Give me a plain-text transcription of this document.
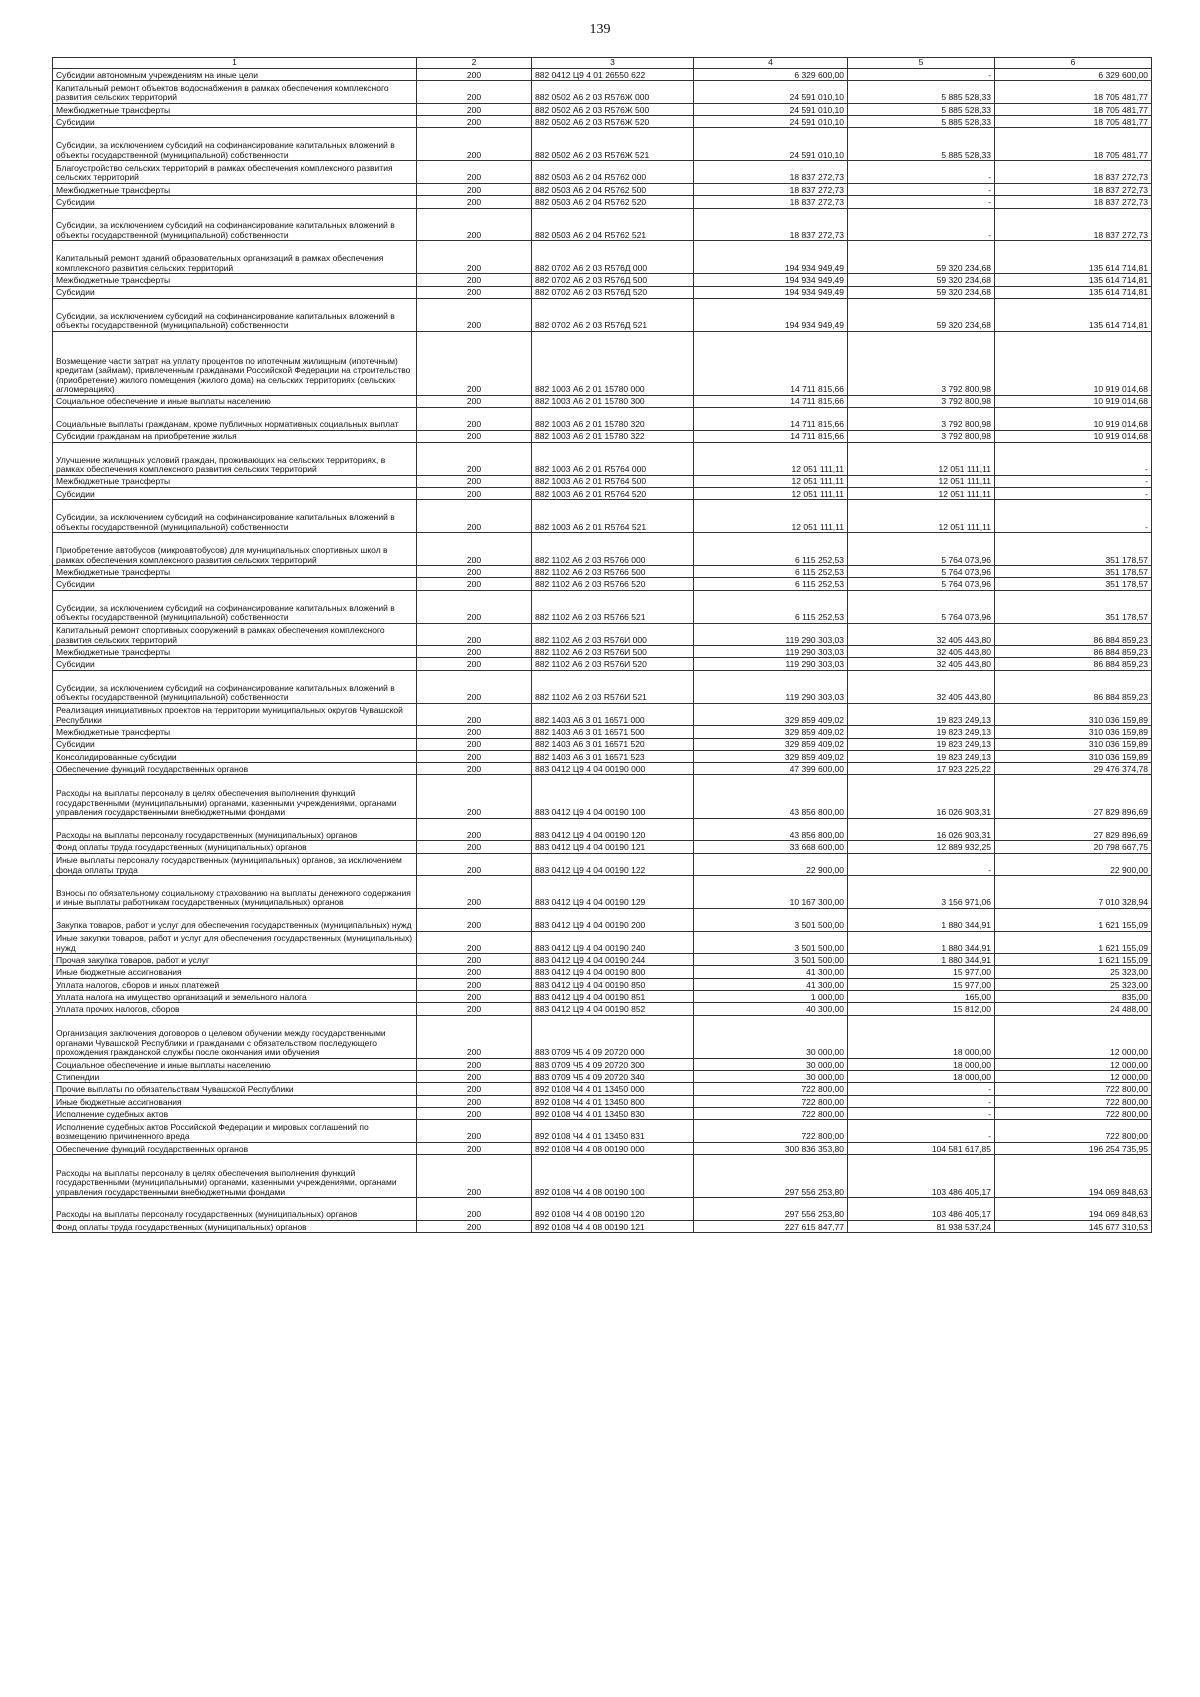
139
1	2	3	4	5	6
Субсидии автономным учреждениям на иные цели	200	882 0412 Ц9 4 01 26550 622	6 329 600,00	-	6 329 600,00
Капитальный ремонт объектов водоснабжения в рамках обеспечения комплексного развития сельских территорий	200	882 0502 А6 2 03 R576Ж 000	24 591 010,10	5 885 528,33	18 705 481,77
Межбюджетные трансферты	200	882 0502 А6 2 03 R576Ж 500	24 591 010,10	5 885 528,33	18 705 481,77
Субсидии	200	882 0502 А6 2 03 R576Ж 520	24 591 010,10	5 885 528,33	18 705 481,77
Субсидии, за исключением субсидий на софинансирование капитальных вложений в объекты государственной (муниципальной) собственности	200	882 0502 А6 2 03 R576Ж 521	24 591 010,10	5 885 528,33	18 705 481,77
Благоустройство сельских территорий в рамках обеспечения комплексного развития сельских территорий	200	882 0503 А6 2 04 R5762 000	18 837 272,73	-	18 837 272,73
Межбюджетные трансферты	200	882 0503 А6 2 04 R5762 500	18 837 272,73	-	18 837 272,73
Субсидии	200	882 0503 А6 2 04 R5762 520	18 837 272,73	-	18 837 272,73
Субсидии, за исключением субсидий на софинансирование капитальных вложений в объекты государственной (муниципальной) собственности	200	882 0503 А6 2 04 R5762 521	18 837 272,73	-	18 837 272,73
Капитальный ремонт зданий образовательных организаций в рамках обеспечения комплексного развития сельских территорий	200	882 0702 А6 2 03 R576Д 000	194 934 949,49	59 320 234,68	135 614 714,81
Межбюджетные трансферты	200	882 0702 А6 2 03 R576Д 500	194 934 949,49	59 320 234,68	135 614 714,81
Субсидии	200	882 0702 А6 2 03 R576Д 520	194 934 949,49	59 320 234,68	135 614 714,81
Субсидии, за исключением субсидий на софинансирование капитальных вложений в объекты государственной (муниципальной) собственности	200	882 0702 А6 2 03 R576Д 521	194 934 949,49	59 320 234,68	135 614 714,81
Возмещение части затрат на уплату процентов по ипотечным жилищным (ипотечным) кредитам (займам), привлеченным гражданами Российской Федерации на строительство (приобретение) жилого помещения (жилого дома) на сельских территориях (сельских агломерациях)	200	882 1003 А6 2 01 15780 000	14 711 815,66	3 792 800,98	10 919 014,68
Социальное обеспечение и иные выплаты населению	200	882 1003 А6 2 01 15780 300	14 711 815,66	3 792 800,98	10 919 014,68
Социальные выплаты гражданам, кроме публичных нормативных социальных выплат	200	882 1003 А6 2 01 15780 320	14 711 815,66	3 792 800,98	10 919 014,68
Субсидии гражданам на приобретение жилья	200	882 1003 А6 2 01 15780 322	14 711 815,66	3 792 800,98	10 919 014,68
Улучшение жилищных условий граждан, проживающих на сельских территориях, в рамках обеспечения комплексного развития сельских территорий	200	882 1003 А6 2 01 R5764 000	12 051 111,11	12 051 111,11	-
Межбюджетные трансферты	200	882 1003 А6 2 01 R5764 500	12 051 111,11	12 051 111,11	-
Субсидии	200	882 1003 А6 2 01 R5764 520	12 051 111,11	12 051 111,11	-
Субсидии, за исключением субсидий на софинансирование капитальных вложений в объекты государственной (муниципальной) собственности	200	882 1003 А6 2 01 R5764 521	12 051 111,11	12 051 111,11	-
Приобретение автобусов (микроавтобусов) для муниципальных спортивных школ в рамках обеспечения комплексного развития сельских территорий	200	882 1102 А6 2 03 R5766 000	6 115 252,53	5 764 073,96	351 178,57
Межбюджетные трансферты	200	882 1102 А6 2 03 R5766 500	6 115 252,53	5 764 073,96	351 178,57
Субсидии	200	882 1102 А6 2 03 R5766 520	6 115 252,53	5 764 073,96	351 178,57
Субсидии, за исключением субсидий на софинансирование капитальных вложений в объекты государственной (муниципальной) собственности	200	882 1102 А6 2 03 R5766 521	6 115 252,53	5 764 073,96	351 178,57
Капитальный ремонт спортивных сооружений в рамках обеспечения комплексного развития сельских территорий	200	882 1102 А6 2 03 R576И 000	119 290 303,03	32 405 443,80	86 884 859,23
Межбюджетные трансферты	200	882 1102 А6 2 03 R576И 500	119 290 303,03	32 405 443,80	86 884 859,23
Субсидии	200	882 1102 А6 2 03 R576И 520	119 290 303,03	32 405 443,80	86 884 859,23
Субсидии, за исключением субсидий на софинансирование капитальных вложений в объекты государственной (муниципальной) собственности	200	882 1102 А6 2 03 R576И 521	119 290 303,03	32 405 443,80	86 884 859,23
Реализация инициативных проектов на территории муниципальных округов Чувашской Республики	200	882 1403 А6 3 01 16571 000	329 859 409,02	19 823 249,13	310 036 159,89
Межбюджетные трансферты	200	882 1403 А6 3 01 16571 500	329 859 409,02	19 823 249,13	310 036 159,89
Субсидии	200	882 1403 А6 3 01 16571 520	329 859 409,02	19 823 249,13	310 036 159,89
Консолидированные субсидии	200	882 1403 А6 3 01 16571 523	329 859 409,02	19 823 249,13	310 036 159,89
Обеспечение функций государственных органов	200	883 0412 Ц9 4 04 00190 000	47 399 600,00	17 923 225,22	29 476 374,78
Расходы на выплаты персоналу в целях обеспечения выполнения функций государственными (муниципальными) органами, казенными учреждениями, органами управления государственными внебюджетными фондами	200	883 0412 Ц9 4 04 00190 100	43 856 800,00	16 026 903,31	27 829 896,69
Расходы на выплаты персоналу государственных (муниципальных) органов	200	883 0412 Ц9 4 04 00190 120	43 856 800,00	16 026 903,31	27 829 896,69
Фонд оплаты труда государственных (муниципальных) органов	200	883 0412 Ц9 4 04 00190 121	33 668 600,00	12 889 932,25	20 798 667,75
Иные выплаты персоналу государственных (муниципальных) органов, за исключением фонда оплаты труда	200	883 0412 Ц9 4 04 00190 122	22 900,00	-	22 900,00
Взносы по обязательному социальному страхованию на выплаты денежного содержания и иные выплаты работникам государственных (муниципальных) органов	200	883 0412 Ц9 4 04 00190 129	10 167 300,00	3 156 971,06	7 010 328,94
Закупка товаров, работ и услуг для обеспечения государственных (муниципальных) нужд	200	883 0412 Ц9 4 04 00190 200	3 501 500,00	1 880 344,91	1 621 155,09
Иные закупки товаров, работ и услуг для обеспечения государственных (муниципальных) нужд	200	883 0412 Ц9 4 04 00190 240	3 501 500,00	1 880 344,91	1 621 155,09
Прочая закупка товаров, работ и услуг	200	883 0412 Ц9 4 04 00190 244	3 501 500,00	1 880 344,91	1 621 155,09
Иные бюджетные ассигнования	200	883 0412 Ц9 4 04 00190 800	41 300,00	15 977,00	25 323,00
Уплата налогов, сборов и иных платежей	200	883 0412 Ц9 4 04 00190 850	41 300,00	15 977,00	25 323,00
Уплата налога на имущество организаций и земельного налога	200	883 0412 Ц9 4 04 00190 851	1 000,00	165,00	835,00
Уплата прочих налогов, сборов	200	883 0412 Ц9 4 04 00190 852	40 300,00	15 812,00	24 488,00
Организация заключения договоров о целевом обучении между государственными органами Чувашской Республики и гражданами с обязательством последующего прохождения гражданской службы после окончания ими обучения	200	883 0709 Ч5 4 09 20720 000	30 000,00	18 000,00	12 000,00
Социальное обеспечение и иные выплаты населению	200	883 0709 Ч5 4 09 20720 300	30 000,00	18 000,00	12 000,00
Стипендии	200	883 0709 Ч5 4 09 20720 340	30 000,00	18 000,00	12 000,00
Прочие выплаты по обязательствам Чувашской Республики	200	892 0108 Ч4 4 01 13450 000	722 800,00	-	722 800,00
Иные бюджетные ассигнования	200	892 0108 Ч4 4 01 13450 800	722 800,00	-	722 800,00
Исполнение судебных актов	200	892 0108 Ч4 4 01 13450 830	722 800,00	-	722 800,00
Исполнение судебных актов Российской Федерации и мировых соглашений по возмещению причиненного вреда	200	892 0108 Ч4 4 01 13450 831	722 800,00	-	722 800,00
Обеспечение функций государственных органов	200	892 0108 Ч4 4 08 00190 000	300 836 353,80	104 581 617,85	196 254 735,95
Расходы на выплаты персоналу в целях обеспечения выполнения функций государственными (муниципальными) органами, казенными учреждениями, органами управления государственными внебюджетными фондами	200	892 0108 Ч4 4 08 00190 100	297 556 253,80	103 486 405,17	194 069 848,63
Расходы на выплаты персоналу государственных (муниципальных) органов	200	892 0108 Ч4 4 08 00190 120	297 556 253,80	103 486 405,17	194 069 848,63
Фонд оплаты труда государственных (муниципальных) органов	200	892 0108 Ч4 4 08 00190 121	227 615 847,77	81 938 537,24	145 677 310,53
